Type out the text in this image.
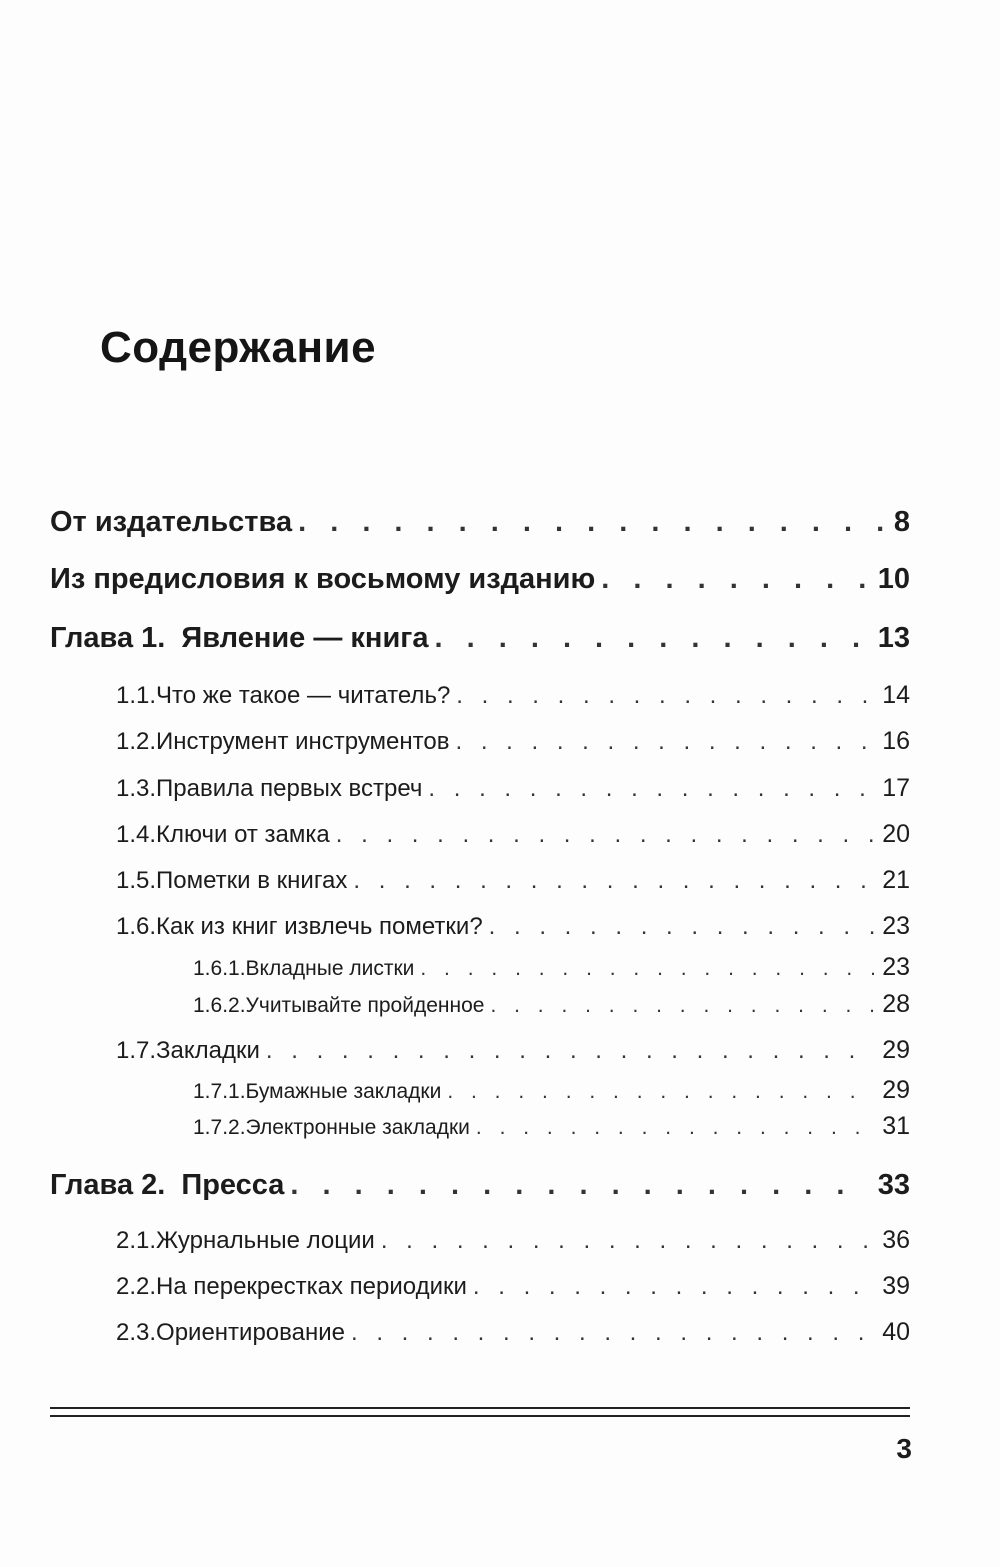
Содержание
От издательства . . .	8
Из предисловия к восьмому изданию . . .	10
Глава 1. Явление — книга . . .	13
1.1. Что же такое — читатель? . . .	14
1.2. Инструмент инструментов . . .	16
1.3. Правила первых встреч . . .	17
1.4. Ключи от замка . . .	20
1.5. Пометки в книгах . . .	21
1.6. Как из книг извлечь пометки? . . .	23
1.6.1. Вкладные листки . . .	23
1.6.2. Учитывайте пройденное . . .	28
1.7. Закладки . . .	29
1.7.1. Бумажные закладки . . .	29
1.7.2. Электронные закладки . . .	31
Глава 2. Пресса . . .	33
2.1. Журнальные лоции . . .	36
2.2. На перекрестках периодики . . .	39
2.3. Ориентирование . . .	40
3
